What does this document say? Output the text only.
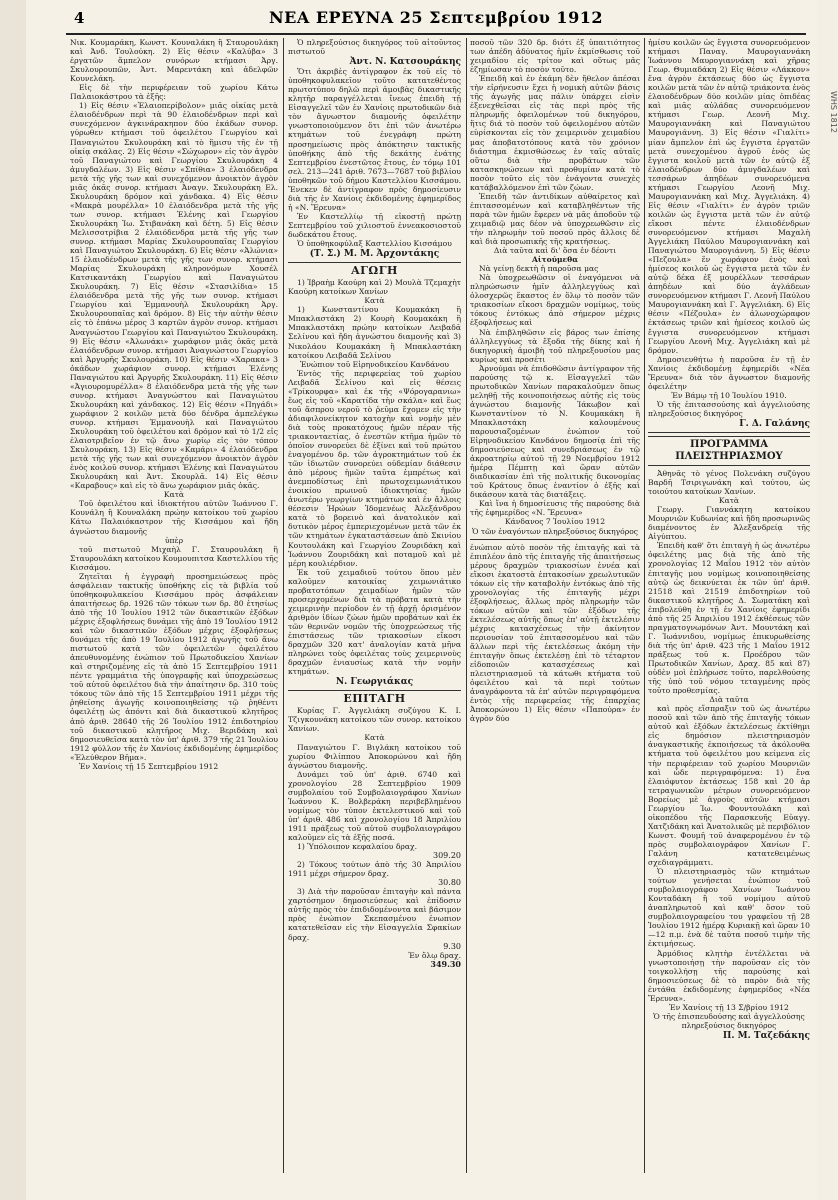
4	ΝΕΑ ΕΡΕΥΝΑ 25 Σεπτεμβρίου 1912
WHS 1812

Νικ. Κουμαράκη, Κωνστ. Κουναλάκη ἢ Σταυρουλάκη καὶ Ἀνδ. Τουλούκη. 2) Εἰς θέσιν «Καλύβα» 3 ἐργατῶν ἄμπελον συνόρων κτήμασι Ἀργ. Σκυλουρουπῶν, Ἀντ. Μαρεντάκη καὶ ἀδελφῶν Κουνελάκη.

Εἰς δὲ τὴν περιφέρειαν τοῦ χωρίου Κάτω Παλαιοκάστρου τὰ ἑξῆς:

1) Εἰς θέσιν «Ἐλαιοπερίβολον» μιᾶς οἰκίας μετὰ ἐλαιοδένδρων περὶ τὰ 90 ἐλαιοδένδρων περὶ καὶ συνεχόμενον ἀγκινάρακηπον δύο ἐκάδων συνορ. γύρωθεν κτήμασι τοῦ ὀφειλέτου Γεωργίου καὶ Παναγιώτου Σκυλουράκη καὶ τὸ ἥμισυ τῆς ἐν τῇ οἰκίᾳ σκάλας. 2) Εἰς θέσιν «Σώχωρον» εἰς τὸν ἀγρὸν τοῦ Παναγιώτου καὶ Γεωργίου Σκυλουράκη 4 ἀμυγδαλέων. 3) Εἰς θέσιν «Σπίθια» 3 ἐλαιόδενδρα μετὰ τῆς γῆς των καὶ συνεχόμενον ἀνοικτὸν ἀγρὸν μιᾶς ὀκᾶς συνορ. κτήμασι Ἀναγν. Σκυλουράκη Ελ. Σκυλουράκη δρόμον καὶ χάνδακα. 4) Εἰς θέσιν «Μακρὰ μουρέλλα» 10 ἐλαιόδενδρα μετὰ τῆς γῆς των συνορ. κτήμασι Ἑλένης καὶ Γεωργίου Σκυλουράκη Ἰω. Στιβανάκη καὶ δέτη. 5) Εἰς θέσιν Μελισσοτρίβια 2 ἐλαιόδενδρα μετὰ τῆς γῆς των συνορ. κτήμασι Μαρίας Σκυλουρουπαῖας Γεωργίου καὶ Παναγιώτου Σκυλουράκη. 6) Εἰς θέσιν «Ἀλώνια» 15 ἐλαιοδένδρων μετὰ τῆς γῆς των συνορ. κτήμασι Μαρίας Σκυλουράκη κληρονόμων Χουσέλ Κατσικαντάκη Γεωργίου καὶ Παναγιώτου Σκυλουράκη. 7) Εἰς θέσιν «Στασιλίδια» 15 ἐλαιόδενδρα μετὰ τῆς γῆς των συνορ. κτήμασι Γεωργίου καὶ Ἐμμανουὴλ Σκυλουράκη Ἀργ. Σκυλουρουπαῖας καὶ δρόμον. 8) Εἰς τὴν αὐτὴν θέσιν εἰς τὸ ἐπάνω μέρος 3 καρτῶν ἀγρὸν συνορ. κτήμασι Ἀναγνώστου Γεωργίου καὶ Παναγιώτου Σκυλουράκη. 9) Εἰς θέσιν «Ἀλωνάκι» χωράφιον μιᾶς ὀκᾶς μετὰ ἐλαιόδενδρων συνορ. κτήμασι Ἀναγνώστου Γεωργίου καὶ Ἀργυρῆς Σκυλουράκη. 10) Εἰς θέσιν «Χαρακα» 3 ὀκάδων χωράφιον συνορ. κτήμασι Ἑλένης Παναγιώτου καὶ Ἀργυρῆς Σκυλουράκη. 11) Εἰς θέσιν «Ἀγιουρομυρέλλα» 8 ἐλαιόδενδρα μετὰ τῆς γῆς των συνορ. κτήμασι Ἀναγνώστου καὶ Παναγιώτου Σκυλουράκη καὶ χάνδακος. 12) Εἰς θέσιν «Πηγάδι» χωράφιον 2 κοιλῶν μετὰ δύο δένδρα ἀμπελέγκω συνορ. κτήμασι Ἐμμανουὴλ καὶ Παναγιώτου Σκυλουράκη τοῦ ὀφειλέτου καὶ δρόμον καὶ τὸ 1/2 εἰς ἐλαιοτριβεῖον ἐν τῷ ἄνω χωρίῳ εἰς τὸν τόπον Σκυλουράκη. 13) Εἰς θέσιν «Καμάρι» 4 ἐλαιόδενδρα μετὰ τῆς γῆς των καὶ συνεχόμενον ἀνοικτὸν ἀγρὸν ἑνὸς κοιλοῦ συνορ. κτήμασι Ἑλένης καὶ Παναγιώτου Σκυλουράκη καὶ Ἀντ. Σκουρλᾶ. 14) Εἰς θέσιν «Καραβους» καὶ εἰς τὸ ἄνω χωράφιον μιᾶς ὀκᾶς.

Κατὰ

Τοῦ ὀφειλέτου καὶ ἰδιοκτήτου αὐτῶν Ἰωάννου Γ. Κουνάλη ἢ Κουναλάκη πρώην κατοίκου τοῦ χωρίου Κάτω Παλαιόκαστρον τῆς Κισσάμου καὶ ἤδη ἀγνώστου διαμονῆς

ὑπὲρ

τοῦ πιστωτοῦ Μιχαὴλ Γ. Σταυρουλάκη ἢ Σταυρουλάκη κατοίκου Κουμουπιτσα Καστελλίου τῆς Κισσάμου.

Ζητεῖται ἡ ἐγγραφὴ προσημειώσεως πρὸς ἀσφάλειαν τακτικῆς ὑποθήκης εἰς τὰ βιβλία τοῦ ὑποθηκοφυλακείου Κισσάμου πρὸς ἀσφάλειαν ἀπαιτήσεως δρ. 1926 τῶν τόκων των δρ. 80 ἑτησίως ἀπὸ τῆς 10 Ἰουλίου 1912 τῶν δικαστικῶν ἐξόδων μέχρις ἐξοφλήσεως δυνάμει τῆς ἀπὸ 19 Ἰουλίου 1912 καὶ τῶν δικαστικῶν ἐξόδων μέχρις ἐξοφλήσεως δυνάμει τῆς ἀπὸ 19 Ἰουλίου 1912 ἀγωγῆς τοῦ ἄνω πιστωτοῦ κατὰ τῶν ὀφειλετῶν ὀφειλέτου ἀπευθυνομένης ἐνώπιον τοῦ Πρωτοδικείου Χανίων καὶ στηριζομένης εἰς τὰ ἀπὸ 15 Σεπτεμβρίου 1911 πέντε γραμμάτια τῆς ὑπογραφῆς καὶ ὑποχρεώσεως τοῦ αὐτοῦ ὀφειλέτου διὰ τὴν ἀπαίτησιν δρ. 310 τοὺς τόκους τῶν ἀπὸ τῆς 15 Σεπτεμβρίου 1911 μέχρι τῆς ῥηθείσης ἀγωγῆς κοινοποιηθείσης τῷ ῥηθέντι ὀφειλέτῃ ὡς ἀπόντι καὶ διὰ δικαστικοῦ κλητῆρος ἀπὸ ἀριθ. 28640 τῆς 26 Ἰουλίου 1912 ἐπιδοτηρίου τοῦ δικαστικοῦ κλητῆρος Μιχ. Βεριδάκη καὶ δημοσιευθεῖσα κατὰ τὸν ὑπ' ἀριθ. 379 τῆς 21 Ἰουλίου 1912 φύλλον τῆς ἐν Χανίοις ἐκδιδομένης ἐφημερίδος «Ἐλεύθερον Βῆμα».

Ἐν Χανίοις τῇ 15 Σεπτεμβρίου 1912

Ὁ πληρεξούσιος δικηγόρος τοῦ αἰτοῦντος πιστωτοῦ

Ἀντ. Ν. Κατσουράκης

Ὅτι ἀκριβὲς ἀντίγραφον ἐκ τοῦ εἰς τὸ ὑποθηκοφυλακεῖον τοῦτο κατατεθέντος πρωτοτύπου δηλῶ περὶ ἀμοιβὰς δικαστικῆς κλητῆρ παραγγέλλεται ἴνεως ἐπειδὴ τῇ Εἰσαγγελεῖ τῶν ἐν Χανίοις πρωτοδικῶν διὰ τὸν ἄγνωστον διαμονῆς ὀφειλέτην γνωστοποιούμενον ὅτι ἐπὶ τῶν ἀνωτέρω κτημάτων τοῦ ἐνεγράφη πρώτη προσημείωσις πρὸς ἀπόκτησιν τακτικῆς ὑποθήκης ἀπὸ τῆς δεκάτης ἐνάτης Σεπτεμβρίου ἐνεστῶτος ἔτους, ἐν τόμῳ 101 σελ. 213—241 ἀριθ. 7673—7687 τοῦ βιβλίου ὑποθηκῶν τοῦ δήμου Καστελλίου Κισσάμου. Ἔνεκεν δὲ ἀντίγραφον πρὸς δημοσίευσιν διὰ τῆς ἐν Χανίοις ἐκδιδομένης ἐφημερίδος ἡ «Ν. Ἔρευνα»

Ἐν Καστελλίῳ τῇ εἰκοστῇ πρώτῃ Σεπτεμβρίου τοῦ χιλιοστοῦ ἐννεακοσιοστοῦ δωδεκάτου ἔτους.

Ὁ ὑποθηκοφύλαξ Καστελλίου Κισσάμου

(Τ. Σ.) Μ. Μ. Ἀρχοντάκης

ΑΓΩΓΗ

1) Ἰβραὴμ Καούρη καὶ 2) Μουλὰ Τζεμαχὴτ Καούρη κατοίκων Χανίων

Κατὰ

1) Κωνσταντίνου Κουμακάκη ἢ Μπακλαστάκη 2) Κουρὴ Κουμακάκη ἢ Μπακλαστάκη πρώην κατοίκων Λειβαδᾶ Σελίνου καὶ ἤδη ἀγνώστου διαμονῆς καὶ 3) Νικολάου Κουμακάκη ἢ Μπακλαστάκη κατοίκου Λειβαδᾶ Σελίνου

Ἐνώπιον τοῦ Εἰρηνοδικείου Κανδάνου

Ἐντὸς τῆς περιφερείας τοῦ χωρίου Λειβαδᾶ Σελίνου καὶ εἰς θέσεις «Τρίκουρφα» καὶ ἐκ τῆς «Ψόρογαρανιω» ἕως εἰς τοῦ «Καρατίδα τὴν σκάλα» καὶ ἕως τοῦ ἄσπρου νεροῦ τὸ ῥεῦμα ἔχομεν εἰς τὴν ἀδιαφιλονείκητον κατοχὴν καὶ νομὴν μὲν διὰ τοὺς προκατόχους ἡμῶν πέραν τῆς τριακονταετίας, ὁ ἐνεστῶν κτῆμα ἡμῶν τὸ ὁποῖον συνορεύει δὲ ἐξίνει καὶ τοῦ πρώτου ἐναγομένου δρ. τῶν ἀγροκτημάτων τοῦ ἐκ τῶν ἰδιωτῶν συνορεύει οὐδεμίαν διάθεσιν ἀπὸ μέρους ἡμῶν ταῦτα ἐμπρέτως καὶ ἀνεμποδίστως ἐπὶ πρωτοχειμωνιάτικου ἐνοικίου πρωινοῦ ἰδιοκτησίας ἡμῶν ἀνωτέρω γεωργίων κτημάτων καὶ ἐν ἄλλοις θέσεσιν Ἡρώων Ἰδομενέως Ἀλεξάνδρου κατὰ τὸ βορεινὸ καὶ ἀνατολικὸν καὶ δυτικὸν μέρος ἐμπεριεχομένων μετὰ τῶν ἐκ τῶν κτημάτων ἐγκαταστάσεων ἀπὸ Σκινίου Κουτουλάκη καὶ Γεωργίου Ζουριδάκη καὶ Ἰωάννου Ζουριδάκη καὶ ποταμοῦ καὶ μὲ μέρη κουλιέρδιον.

Ἐκ τοῦ χειμαδιοῦ τούτου ὅπου μὲν καλοῦμεν κατοικίας χειμωνιάτικο προβατοτόπων χειμαδίων ἡμῶν τῶν προσερχομένων διὰ τὰ πρόβατα κατὰ τὴν χειμερινὴν περίοδον ἐν τῇ ἀρχῇ ὁρισμένον ἀριθμὸν ἰδίων ζώων ἡμῶν προβάτων καὶ ἐκ τῶν θερινῶν νομῶν τῆς ὑποχρεώσεως τῆς ἐπιστάσεως τῶν τριακοσίων εἴκοσι δραχμῶν 320 κατ' ἀναλογίαν κατὰ μῆνα πληρώνει τοὺς ὀφειλέτας τοὺς χειμερινοὺς δραχμῶν ἐνιαυσίως κατὰ τὴν νομὴν κτημάτων.

Ν. Γεωργιάκας

ΕΠΙΤΑΓΗ

Κυρίας Γ. Ἀγγελιάκη συζύγου Κ. Ι. Τζιγκουνάκη κατοίκου τῶν συνορ. κατοίκου Χανίων.

Κατὰ

Παναγιώτου Γ. Βιγλάκη κατοίκου τοῦ χωρίου Φιλίππου Ἀποκορώνου καὶ ἤδη ἀγνώστου διαμονῆς.

Δυνάμει τοῦ ὑπ' ἀριθ. 6740 καὶ χρονολογίου 28 Σεπτεμβρίου 1909 συμβολαίου τοῦ Συμβολαιογράφου Χανίων Ἰωάννου Κ. Βολβεράκη περιβεβλημένου νομίμως τὸν τύπον ἐκτελεστικοῦ καὶ τοῦ ὑπ' ἀριθ. 486 καὶ χρονολογίου 18 Ἀπριλίου 1911 πράξεως τοῦ αὐτοῦ συμβολαιογράφου καλοῦμεν εἰς τὰ ἑξῆς ποσά.

1) Ὑπόλοιπον κεφαλαίου δραχ.

309.20

2) Τόκους τούτων ἀπὸ τῆς 30 Ἀπριλίου 1911 μέχρι σήμερον δραχ.

30.80

3) Διὰ τὴν παροῦσαν ἐπιταγὴν καὶ πάντα χαρτόσημον δημοσιεύσεως καὶ ἐπίδοσιν αὐτῆς πρὸς τὸν ἐπιδιδομένοντα καὶ βάσιμον πρὸς ἐνώπιον Σκεπασμένου ἐνωπιον κατατεθεῖσαν εἰς τὴν Εἰσαγγελία Σφακίων δραχ.

9.30

Ἐν ὅλῳ δραχ.

349.30

ποσοῦ τῶν 320 δρ. διότι ἐξ ὑπαιτιότητος των ἀπέδη ἀδύνατος ἡμῖν ἐκμίσθωσις τοῦ χειμαδίου εἰς τρίτον καὶ οὕτως μᾶς ἐζημίωσαν τὸ ποσὸν τοῦτο.

Ἐπειδὴ καὶ ἐν ἐκάμη δὲν ἤθελον ἀπέσαι τὴν εἰρήνευσιν ἔχει ἡ νομικὴ αὐτῶν βάσις τῆς ἀγωγῆς μας πάλιν ὑπάρχει εἰσὶν ἐξενεχθεῖσαι εἰς τὰς περὶ πρὸς τῆς πληρωμῆς ὀφειλομένων τοῦ δικηγόρου, ἥτις διά τὸ ποσὸν τοῦ ὀφειλομένου αὐτῶν εὑρίσκονται εἰς τὸν χειμερινὸν χειμαδίου μας ἀποβατοτόπους κατὰ τὸν χρόνιον διάστημα ἐκμισθώσεως ἐν ταῖς αὐταῖς οὕτω διὰ τὴν προβάτων τῶν κατασκηνώσεων καὶ προθυμίαν κατὰ τὸ ποσὸν τοῦτο εἰς τὸν ἐνάγοντα συνεχὲς κατάβαλλόμενον ἐπὶ τῶν ζώων.

Ἐπειδὴ τῶν ἀντιδίκων αὐθαίρετος καὶ ἐπιτασσομένων καὶ καταβληθέντων τῆς παρὰ τῶν ἡμῶν ἔφερεν νὰ μᾶς ἀποδοῦν τῷ χειμαδιῷ μας δέον νὰ ὑποχρεωθῶσιν εἰς τὴν πληρωμὴν τοῦ ποσοῦ πρὸς ἄλλοις δὲ καὶ διὰ προσωπικῆς τῆς κρατήσεως.

Διὰ ταῦτα καὶ δι' ὅσα ἐν δέοντι

Αἰτούμεθα

Νὰ γείνῃ δεκτὴ ἡ παροῦσα μας

Νὰ ὑποχρεωθῶσιν οἱ ἐναγόμενοι νὰ πληρώσωσιν ἡμῖν ἀλληλεγγύως καὶ ὁλοσχερῶς ἕκαστος ἐν ὅλῳ τὸ ποσὸν τῶν τριακοσίων εἴκοσι δραχμῶν νομίμως, τοὺς τόκους ἐντόκως ἀπὸ σήμερον μέχρις ἐξοφλήσεως καὶ

Νὰ ἐπιβληθῶσιν εἰς βάρος των ἐπίσης ἀλληλεγγύως τὰ ἔξοδα τῆς δίκης καὶ ἡ δικηγορικὴ ἀμοιβὴ τοῦ πληρεξουσίου μας κυρίως καὶ προσέτι

Ἀρνούμαι νὰ ἐπιδοθῶσιν ἀντίγραφον τῆς παρούσης τῷ κ. Εἰσαγγελεῖ τῶν πρωτοδικῶν Χανίων παρακαλοῦμεν ὅπως μεληθῇ τῆς κοινοποιήσεως αὐτῆς εἰς τοὺς ἀγνώστου διαμονῆς Ἰάκωβον καὶ Κωνσταντίνον τὸ Ν. Κουμακάκη ἢ Μπακλαστάκη καλουμένους παρουσιαζομένων ἐνώπιον τοῦ Εἰρηνοδικείου Κανδάνου δημοσίᾳ ἐπὶ τῆς δημοσιεύσεως καὶ συνεδριάσεως ἐν τῷ ἀκροατηρίῳ αὐτοῦ τῇ 29 Νοεμβρίου 1912 ἡμέρᾳ Πέμπτῃ καὶ ὥραν αὐτῶν διαδικασίαν ἐπὶ τῆς πολιτικῆς δικονομίας τοῦ Κράτους ὅπως ἐναντίον ὁ ἐξῆς καὶ δικάσουν κατὰ τὰς διατάξεις.

Καὶ ἵνα ἡ δημοσίευσις τῆς παρούσης διὰ τῆς ἐφημερίδος «Ν. Ἔρευνα»

Κάνδανος 7 Ἰουλίου 1912

Ὁ τῶν ἐναγόντων πληρεξούσιος δικηγόρος

ἐνώπιον αὐτὸ ποσὸν τῆς ἐπιταγῆς καὶ τὰ ἐπιπλέον ἀπὸ τῆς ἐπιταγῆς τῆς ἀπαιτήσεως μέρους δραχμῶν τριακοσίων ἐννέα καὶ εἴκοσι ἑκατοστὰ ἑπτακοσίων χρεωλυτικῶν τόκων εἰς τὴν καταβολὴν ἐντόκως ἀπὸ τῆς χρονολογίας τῆς ἐπιταγῆς μέχρι ἐξοφλήσεως, ἄλλως πρὸς πληρωμὴν τῶν τόκων αὐτῶν καὶ τῶν ἐξόδων τῆς ἐκτελέσεως αὐτῆς ὅπως ἐπ' αὐτῇ ἐκτελέσιν μέχρις κατασχέσεως τὴν ἀκίνητον περιουσίαν τοῦ ἐπιτασσομένου καὶ τῶν ἄλλων περὶ τῆς ἐκτελέσεως ἀκόμη τὴν ἐπιταγὴν ὅπως ἐκτελέσῃ ἐπὶ τὸ τέταρτον εἰδοποιῶν κατασχέσεως καὶ πλειστηριασμοῦ τὰ κάτωθι κτήματα τοῦ ὀφειλέτου καὶ τὰ περὶ τούτων ἀναγράφοντα τὰ ἐπ' αὐτῶν περιγραφόμενα ἐντὸς τῆς περιφερείας τῆς ἐπαρχίας Ἀποκορώνου 1) Εἰς θέσιν «Παπούρα» ἐν ἀγρὸν δύο

ἡμίσυ κοιλῶν ὡς ἔγγιστα συνορευόμενον κτήμασι Παναγ. Μαυρογιαννάκη Ἰωάννου Μαυρογιαννάκη καὶ χῆρας Γεωρ. Θυμιαδάκη 2) Εἰς θέσιν «Λάκκον» ἕνα ἀγρὸν ἐκτάσεως δύο ὡς ἔγγιστα κοιλῶν μετὰ τῶν ἐν αὐτῷ τριάκοντα ἑνὸς ἐλαιοδένδρων δύο κοιλῶν μίας ὀπιδέας καὶ μιᾶς αὐλάδας συνορευόμενον κτήμασι Γεωρ. Λεονῆ Μιχ. Μαυρογιαννάκη καὶ Παναγιώτου Μαυρογιάννη. 3) Εἰς θέσιν «Γιαλίτι» μίαν ἄμπελον ἐπὶ ὡς ἔγγιστα ἐργατῶν μετὰ συνεχομένου ἀγροῦ ἑνὸς ὡς ἔγγιστα κοιλοῦ μετὰ τῶν ἐν αὐτῷ ἐξ ἐλαιοδένδρων δύο ἀμυγδαλέων καὶ τεσσάρων ἀπηδέων συνορευόμενα κτήμασι Γεωργίου Λεονῆ Μιχ. Μαυρογιαννάκη καὶ Μιχ. Ἀγγελιάκη. 4) Εἰς θέσιν «Γιαλίτι» ἐν ἀγρὸν τριῶν κοιλῶν ὡς ἔγγιστα μετὰ τῶν ἐν αὐτῷ εἴκοσι πέντε ἐλαιοδένδρων συνορευόμενον κτήμασι Μαχαλὴ Ἀγγελιάκη Παύλου Μαυρογιαννάκη καὶ Παναγιώτου Μαυρογιάννη. 5) Εἰς θέσιν «Πεζουλα» ἕν χωράφιον ἑνὸς καὶ ἡμίσεος κοιλοῦ ὡς ἔγγιστα μετὰ τῶν ἐν αὐτῷ δέκα ἐξ μουρέλλων τεσσάρων ἀπηδέων καὶ δύο ἀγλάδεων συνορευόμενον κτήμασι Γ. Λεονῆ Παύλου Μαυρογιαννάκη καὶ Γ. Ἀγγελιάκη. 6) Εἰς θέσιν «Πέζουλα» ἐν ἀλωνοχώραφον ἐκτάσεως τριῶν καὶ ἡμίσεος κοιλοῦ ὡς ἔγγιστα συνορευόμενον κτήμασι Γεωργίου Λεονῆ Μιχ. Ἀγγελιάκη καὶ μὲ δρόμον.

Δημοσιευθήτω ἡ παροῦσα ἐν τῇ ἐν Χανίοις ἐκδιδομένῃ ἐφημερίδι «Νέα Ἔρευνα» διὰ τὸν ἄγνωστον διαμονῆς ὀφειλέτην

Ἐν Βάμῳ τῇ 10 Ἰουλίου 1910.

Ὁ τῆς ἐπιτασσούσης καὶ ἀγγελιούσης πληρεξούσιος δικηγόρος

Γ. Δ. Γαλάνης

ΠΡΟΓΡΑΜΜΑ ΠΛΕΙΣΤΗΡΙΑΣΜΟΥ

Ἀθηνᾶς τὸ γένος Πολενάκη συζύγου Βαρδῆ Τσιριγωνάκη καὶ τούτου, ὡς τοιούτου κατοίκων Χανίων.

Κατὰ

Γεωργ. Γιαννάκητη κατοίκου Μουρνιῶν Κυδωνίας καὶ ἤδη προσωρινῶς διαμένοντος ἐν Ἀλεξανδρείᾳ τῆς Αἰγύπτου.

Ἐπειδὴ καθ' ὅτι ἐπιταγὴ ἡ ὡς ἀνωτέρω ὀφειλέτης μας διὰ τῆς ἀπὸ τῆς χρονολογίας 12 Μαΐου 1912 τὸν αὐτὸν ἐπιταγῆς μου νομίμως κοινοποιηθείσης αὐτῷ ὡς δεικνύεται ἐκ τῶν ὑπ' ἀριθ. 21518 καὶ 21519 ἐπιδοτηρίων τοῦ δικαστικοῦ κλητῆρος Δ. Σωματάκη καὶ ἐπιβολεύθη ἐν τῇ ἐν Χανίοις ἐφημερίδι ἀπὸ τῆς 25 Ἀπριλίου 1912 ἐκθέσεως τῶν πραγματογνωμόνων Ἀντ. Μουντάκη καὶ Γ. Ἰωάννιδου, νομίμως ἐπικυρωθείσης διὰ τῆς ὑπ' ἀριθ. 423 τῆς 1 Μαΐου 1912 πράξεως τοῦ κ. Προέδρου τῶν Πρωτοδικῶν Χανίων, Δραχ. 85 καὶ 87) οὐδὲν μοὶ ἐπλήρωσε τοῦτο, παρελθούσης τῆς ὑπὸ τοῦ νόμου τεταγμένης πρὸς τοῦτο προθεσμίας.

Διὰ ταῦτα

καὶ πρὸς εἴσπραξιν τοῦ ὡς ἀνωτέρω ποσοῦ καὶ τῶν ἀπὸ τῆς ἐπιταγῆς τόκων αὐτοῦ καὶ ἐξόδων ἐκτελέσεως ἐκτίθημι εἰς δημόσιον πλειστηριασμὸν ἀναγκαστικῆς ἐκποιήσεως τὰ ἀκόλουθα κτήματα τοῦ ὀφειλέτου μου κείμενα εἰς τὴν περιφέρειαν τοῦ χωρίου Μουρνιῶν καὶ ὧδε περιγραφόμενα: 1) ἔνα ἐλαιόφυτον ἐκτάσεως 158 καὶ 20 ἀρ τετραγωνικῶν μέτρων συνορευόμενον Βορείως μὲ ἀγροὺς αὐτῶν κτήμασι Γεωργίου Ἰω. Φουντουλάκη καὶ οἰκοπέδου τῆς Παρασκευῆς Εὐαγγ. Χατζιδάκη καὶ Ἀνατολικῶς μὲ περιβόλιον Κωνστ. Φουμῆ τοῦ ἀναφερομένου ἐν τῷ πρὸς συμβολαιογράφον Χανίων Γ. Γαλάνη κατατεθειμένως σχεδιαγράμματι.

Ὁ πλειστηριασμὸς τῶν κτημάτων τούτων γενήσεται ἐνώπιον τοῦ συμβολαιογράφου Χανίων Ἰωάννου Κονταδάκη ἢ τοῦ νομίμου αὐτοῦ ἀναπληρωτοῦ καὶ καθ' ὅσον τοῦ συμβολαιογραφείου του γραφεῖου τῇ 28 Ἰουλίου 1912 ἡμέρᾳ Κυριακῇ καὶ ὥραν 10—12 π.μ. ἐνὰ δὲ ταῦτα ποσοῦ τιμὴν τῆς ἐκτιμήσεως.

Ἀρμόδιος κλητὴρ ἐντέλλεται νὰ γνωστοποιήσῃ τὴν παροῦσαν εἰς τὸν τοιγκολλήσῃ τῆς παρούσης καὶ δημοσιεύσεως δὲ τὸ παρὸν διὰ τῆς ἐντάθα ἐκδιδομένης ἐφημερίδος «Νέα Ἔρευνα».

Ἐν Χανίοις τῇ 13 Σ/βρίου 1912

Ὁ τῆς ἐπισπευδούσης καὶ ἀγγελλούσης πληρεξούσιος δικηγόρος

Π. Μ. Ταζεδάκης
